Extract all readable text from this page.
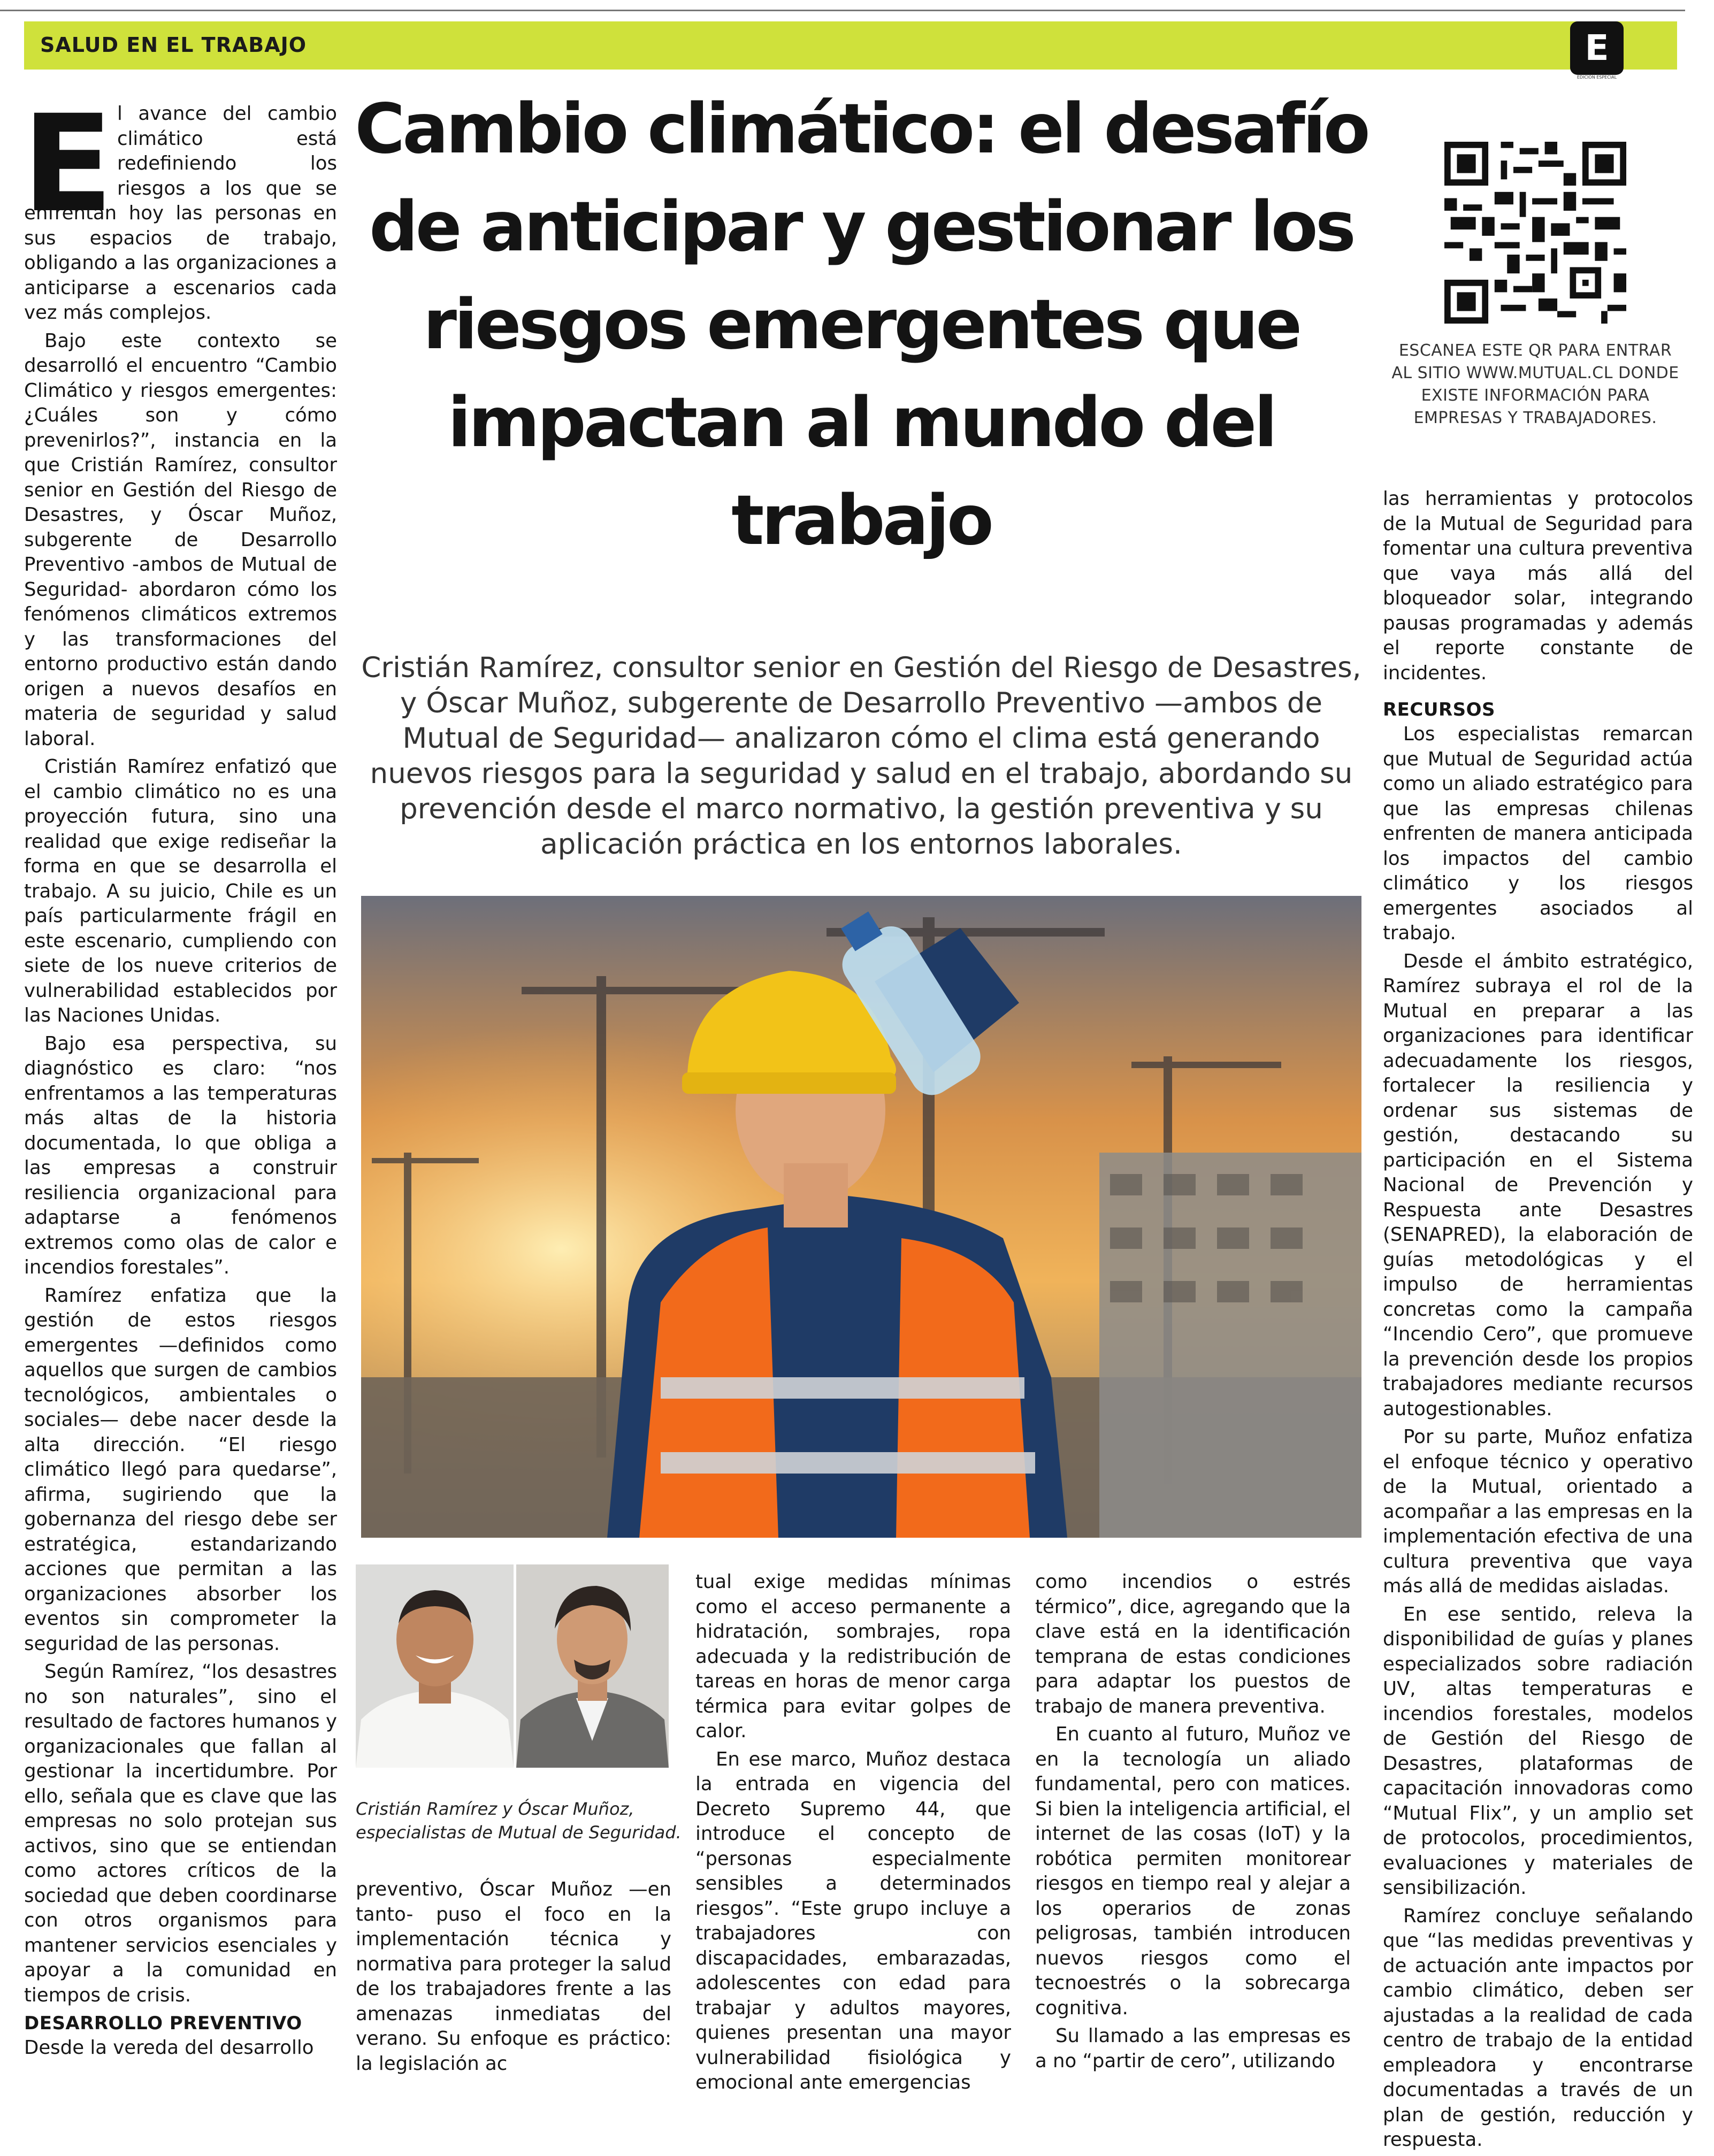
SALUD EN EL TRABAJO	E
EDICIÓN ESPECIAL
E l avance del cambio climático está redefiniendo los riesgos a los que se enfrentan hoy las personas en sus espacios de trabajo, obligando a las organizaciones a anticiparse a escenarios cada vez más complejos.

Bajo este contexto se desarrolló el encuentro “Cambio Climático y riesgos emergentes: ¿Cuáles son y cómo prevenirlos?”, instancia en la que Cristián Ramírez, consultor senior en Gestión del Riesgo de Desastres, y Óscar Muñoz, subgerente de Desarrollo Preventivo -ambos de Mutual de Seguridad- abordaron cómo los fenómenos climáticos extremos y las transformaciones del entorno productivo están dando origen a nuevos desafíos en materia de seguridad y salud laboral.

Cristián Ramírez enfatizó que el cambio climático no es una proyección futura, sino una realidad que exige rediseñar la forma en que se desarrolla el trabajo. A su juicio, Chile es un país particularmente frágil en este escenario, cumpliendo con siete de los nueve criterios de vulnerabilidad establecidos por las Naciones Unidas.

Bajo esa perspectiva, su diagnóstico es claro: “nos enfrentamos a las temperaturas más altas de la historia documentada, lo que obliga a las empresas a construir resiliencia organizacional para adaptarse a fenómenos extremos como olas de calor e incendios forestales”.

Ramírez enfatiza que la gestión de estos riesgos emergentes —definidos como aquellos que surgen de cambios tecnológicos, ambientales o sociales— debe nacer desde la alta dirección. “El riesgo climático llegó para quedarse”, afirma, sugiriendo que la gobernanza del riesgo debe ser estratégica, estandarizando acciones que permitan a las organizaciones absorber los eventos sin comprometer la seguridad de las personas.

Según Ramírez, “los desastres no son naturales”, sino el resultado de factores humanos y organizacionales que fallan al gestionar la incertidumbre. Por ello, señala que es clave que las empresas no solo protejan sus activos, sino que se entiendan como actores críticos de la sociedad que deben coordinarse con otros organismos para mantener servicios esenciales y apoyar a la comunidad en tiempos de crisis.

DESARROLLO PREVENTIVO

Desde la vereda del desarrollo

Cambio climático: el desafío de anticipar y gestionar los riesgos emergentes que impactan al mundo del trabajo
ESCANEA ESTE QR PARA ENTRAR AL SITIO WWW.MUTUAL.CL DONDE EXISTE INFORMACIÓN PARA EMPRESAS Y TRABAJADORES.

las herramientas y protocolos de la Mutual de Seguridad para fomentar una cultura preventiva que vaya más allá del bloqueador solar, integrando pausas programadas y además el reporte constante de incidentes.

RECURSOS

Los especialistas remarcan que Mutual de Seguridad actúa como un aliado estratégico para que las empresas chilenas enfrenten de manera anticipada los impactos del cambio climático y los riesgos emergentes asociados al trabajo.

Desde el ámbito estratégico, Ramírez subraya el rol de la Mutual en preparar a las organizaciones para identificar adecuadamente los riesgos, fortalecer la resiliencia y ordenar sus sistemas de gestión, destacando su participación en el Sistema Nacional de Prevención y Respuesta ante Desastres (SENAPRED), la elaboración de guías metodológicas y el impulso de herramientas concretas como la campaña “Incendio Cero”, que promueve la prevención desde los propios trabajadores mediante recursos autogestionables.

Por su parte, Muñoz enfatiza el enfoque técnico y operativo de la Mutual, orientado a acompañar a las empresas en la implementación efectiva de una cultura preventiva que vaya más allá de medidas aisladas.

En ese sentido, releva la disponibilidad de guías y planes especializados sobre radiación UV, altas temperaturas e incendios forestales, modelos de Gestión del Riesgo de Desastres, plataformas de capacitación innovadoras como “Mutual Flix”, y un amplio set de protocolos, procedimientos, evaluaciones y materiales de sensibilización.

Ramírez concluye señalando que “las medidas preventivas y de actuación ante impactos por cambio climático, deben ser ajustadas a la realidad de cada centro de trabajo de la entidad empleadora y encontrarse documentadas a través de un plan de gestión, reducción y respuesta.

Cristián Ramírez, consultor senior en Gestión del Riesgo de Desastres, y Óscar Muñoz, subgerente de Desarrollo Preventivo —ambos de Mutual de Seguridad— analizaron cómo el clima está generando nuevos riesgos para la seguridad y salud en el trabajo, abordando su prevención desde el marco normativo, la gestión preventiva y su aplicación práctica en los entornos laborales.
Cristián Ramírez y Óscar Muñoz, especialistas de Mutual de Seguridad.

preventivo, Óscar Muñoz —en tanto- puso el foco en la implementación técnica y normativa para proteger la salud de los trabajadores frente a las amenazas inmediatas del verano. Su enfoque es práctico: la legislación ac

tual exige medidas mínimas como el acceso permanente a hidratación, sombrajes, ropa adecuada y la redistribución de tareas en horas de menor carga térmica para evitar golpes de calor.

En ese marco, Muñoz destaca la entrada en vigencia del Decreto Supremo 44, que introduce el concepto de “personas especialmente sensibles a determinados riesgos”. “Este grupo incluye a trabajadores con discapacidades, embarazadas, adolescentes con edad para trabajar y adultos mayores, quienes presentan una mayor vulnerabilidad fisiológica y emocional ante emergencias

como incendios o estrés térmico”, dice, agregando que la clave está en la identificación temprana de estas condiciones para adaptar los puestos de trabajo de manera preventiva.

En cuanto al futuro, Muñoz ve en la tecnología un aliado fundamental, pero con matices. Si bien la inteligencia artificial, el internet de las cosas (IoT) y la robótica permiten monitorear riesgos en tiempo real y alejar a los operarios de zonas peligrosas, también introducen nuevos riesgos como el tecnoestrés o la sobrecarga cognitiva.

Su llamado a las empresas es a no “partir de cero”, utilizando
